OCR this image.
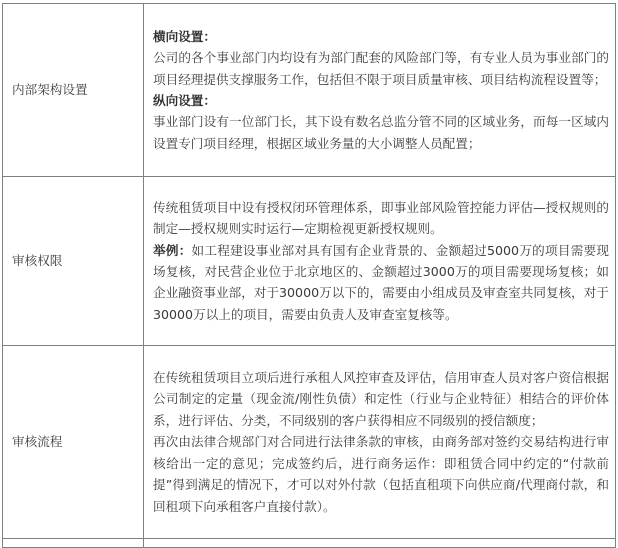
内部架构设置	横向设置：

公司的各个事业部门内均设有为部门配套的风险部门等，有专业人员为事业部门的项目经理提供支撑服务工作，包括但不限于项目质量审核、项目结构流程设置等；

纵向设置：

事业部门设有一位部门长，其下设有数名总监分管不同的区域业务，而每一区域内设置专门项目经理，根据区域业务量的大小调整人员配置；

审核权限	传统租赁项目中设有授权闭环管理体系，即事业部风险管控能力评估—授权规则的制定—授权规则实时运行—定期检视更新授权规则。

举例：如工程建设事业部对具有国有企业背景的、金额超过5000万的项目需要现场复核，对民营企业位于北京地区的、金额超过3000万的项目需要现场复核；如企业融资事业部，对于30000万以下的，需要由小组成员及审查室共同复核，对于30000万以上的项目，需要由负责人及审查室复核等。

审核流程	在传统租赁项目立项后进行承租人风控审查及评估，信用审查人员对客户资信根据公司制定的定量（现金流/刚性负债）和定性（行业与企业特征）相结合的评价体系，进行评估、分类，不同级别的客户获得相应不同级别的授信额度；

再次由法律合规部门对合同进行法律条款的审核，由商务部对签约交易结构进行审核给出一定的意见；完成签约后，进行商务运作：即租赁合同中约定的“付款前提”得到满足的情况下，才可以对外付款（包括直租项下向供应商/代理商付款，和回租项下向承租客户直接付款）。
